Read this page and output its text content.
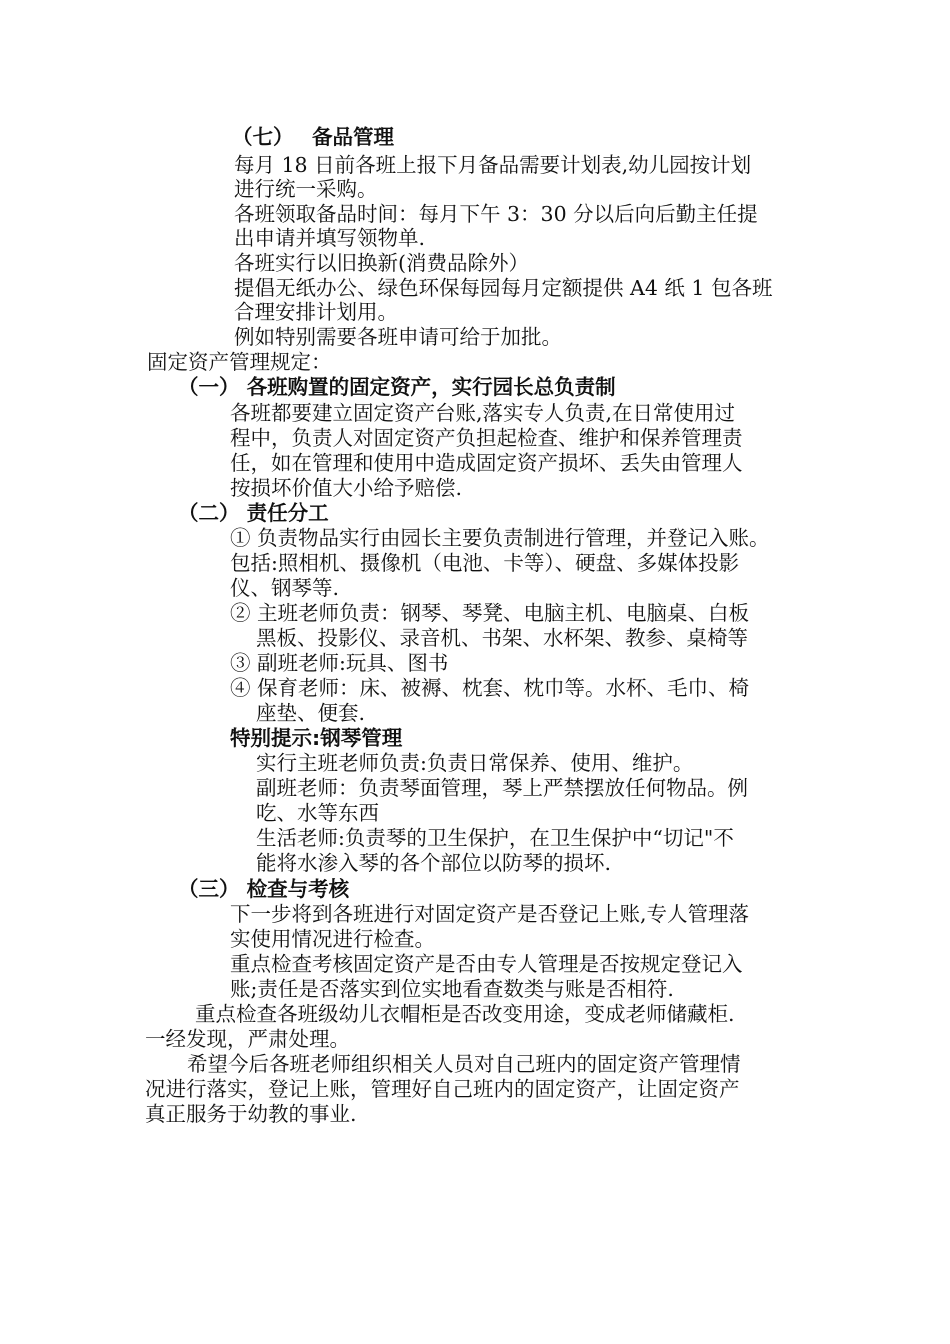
（七） 备品管理
每月 18 日前各班上报下月备品需要计划表,幼儿园按计划
进行统一采购。
各班领取备品时间：每月下午 3：30 分以后向后勤主任提
出申请并填写领物单.
各班实行以旧换新(消费品除外）
提倡无纸办公、绿色环保每园每月定额提供 A4 纸 1 包各班
合理安排计划用。
例如特别需要各班申请可给于加批。
固定资产管理规定：
（一） 各班购置的固定资产，实行园长总负责制
各班都要建立固定资产台账,落实专人负责,在日常使用过
程中，负责人对固定资产负担起检查、维护和保养管理责
任，如在管理和使用中造成固定资产损坏、丢失由管理人
按损坏价值大小给予赔偿.
（二） 责任分工
① 负责物品实行由园长主要负责制进行管理，并登记入账。
包括:照相机、摄像机（电池、卡等）、硬盘、多媒体投影
仪、钢琴等.
② 主班老师负责：钢琴、琴凳、电脑主机、电脑桌、白板
黑板、投影仪、录音机、书架、水杯架、教参、桌椅等
③ 副班老师:玩具、图书
④ 保育老师：床、被褥、枕套、枕巾等。水杯、毛巾、椅
座垫、便套.
特别提示:钢琴管理
实行主班老师负责:负责日常保养、使用、维护。
副班老师：负责琴面管理，琴上严禁摆放任何物品。例
吃、水等东西
生活老师:负责琴的卫生保护，在卫生保护中“切记"不
能将水渗入琴的各个部位以防琴的损坏.
（三） 检查与考核
下一步将到各班进行对固定资产是否登记上账,专人管理落
实使用情况进行检查。
重点检查考核固定资产是否由专人管理是否按规定登记入
账;责任是否落实到位实地看查数类与账是否相符.
重点检查各班级幼儿衣帽柜是否改变用途，变成老师储藏柜.
一经发现，严肃处理。
希望今后各班老师组织相关人员对自己班内的固定资产管理情
况进行落实，登记上账，管理好自己班内的固定资产，让固定资产
真正服务于幼教的事业.
